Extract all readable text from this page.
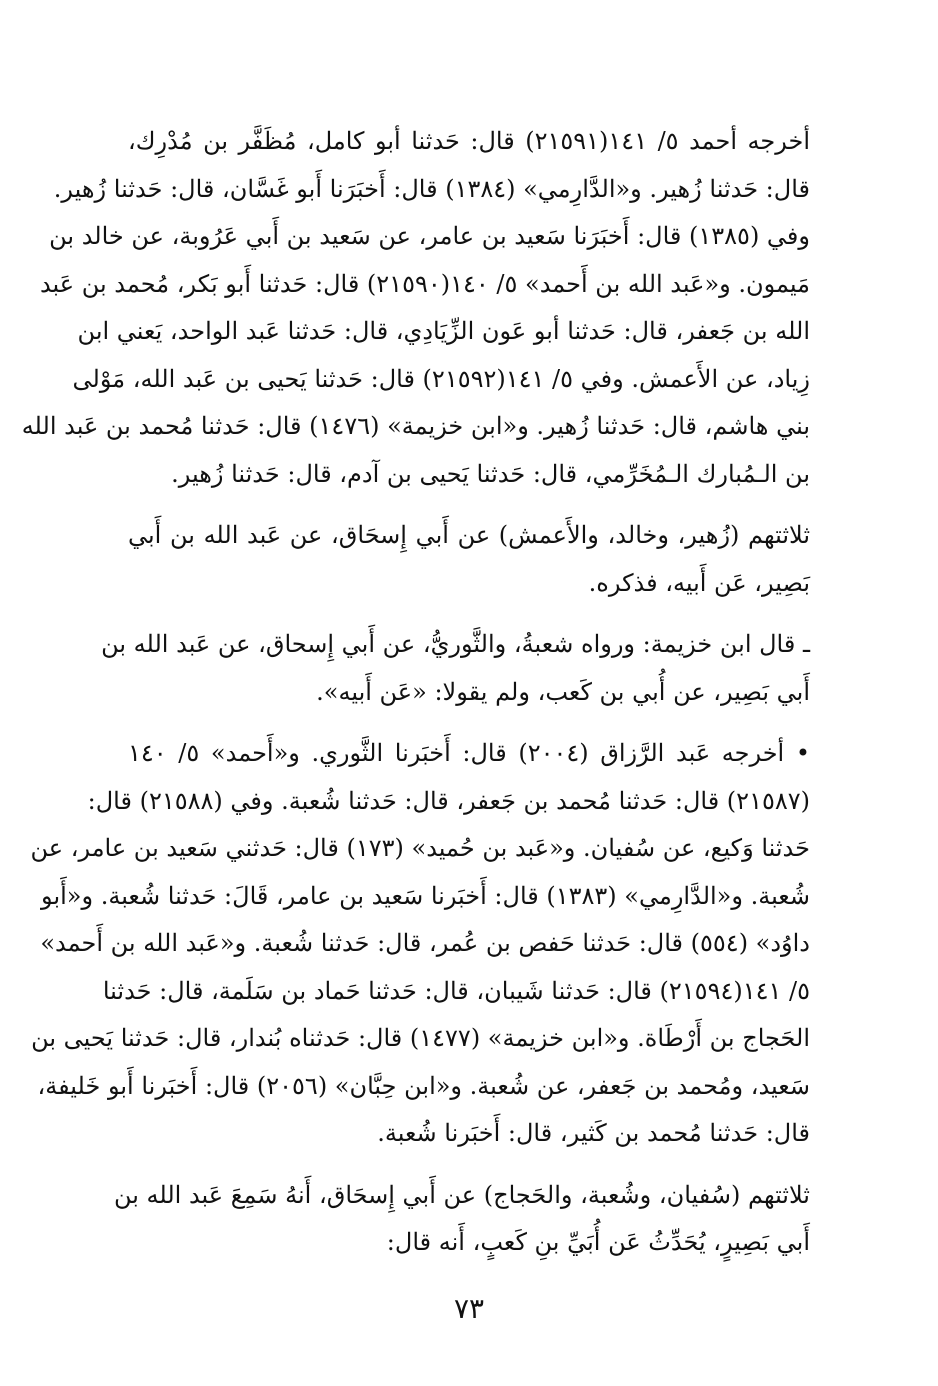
أخرجه أحمد ٥/ ١٤١(٢١٥٩١) قال: حَدثنا أبو كامل، مُظَفَّر بن مُدْرِك،
قال: حَدثنا زُهير. و«الدَّارِمي» (١٣٨٤) قال: أَخبَرَنا أَبو غَسَّان، قال: حَدثنا زُهير.
وفي (١٣٨٥) قال: أَخبَرَنا سَعيد بن عامر، عن سَعيد بن أَبي عَرُوبة، عن خالد بن
مَيمون. و«عَبد الله بن أَحمد» ٥/ ١٤٠(٢١٥٩٠) قال: حَدثنا أَبو بَكر، مُحمد بن عَبد
الله بن جَعفر، قال: حَدثنا أبو عَون الزِّيَادِي، قال: حَدثنا عَبد الواحد، يَعني ابن
زِياد، عن الأَعمش. وفي ٥/ ١٤١(٢١٥٩٢) قال: حَدثنا يَحيى بن عَبد الله، مَوْلى
بني هاشم، قال: حَدثنا زُهير. و«ابن خزيمة» (١٤٧٦) قال: حَدثنا مُحمد بن عَبد الله
بن الـمُبارك الـمُخَرِّمي، قال: حَدثنا يَحيى بن آدم، قال: حَدثنا زُهير.
ثلاثتهم (زُهير، وخالد، والأَعمش) عن أَبي إِسحَاق، عن عَبد الله بن أَبي
بَصِير، عَن أَبيه، فذكره.
ـ قال ابن خزيمة: ورواه شعبةُ، والثَّوريُّ، عن أَبي إِسحاق، عن عَبد الله بن
أَبي بَصِير، عن أُبي بن كَعب، ولم يقولا: «عَن أَبيه».
• أخرجه عَبد الرَّزاق (٢٠٠٤) قال: أَخبَرنا الثَّوري. و«أَحمد» ٥/ ١٤٠
(٢١٥٨٧) قال: حَدثنا مُحمد بن جَعفر، قال: حَدثنا شُعبة. وفي (٢١٥٨٨) قال:
حَدثنا وَكيع، عن سُفيان. و«عَبد بن حُميد» (١٧٣) قال: حَدثني سَعيد بن عامر، عن
شُعبة. و«الدَّارِمي» (١٣٨٣) قال: أَخبَرنا سَعيد بن عامر، قَالَ: حَدثنا شُعبة. و«أَبو
داوُد» (٥٥٤) قال: حَدثنا حَفص بن عُمر، قال: حَدثنا شُعبة. و«عَبد الله بن أَحمد»
٥/ ١٤١(٢١٥٩٤) قال: حَدثنا شَيبان، قال: حَدثنا حَماد بن سَلَمة، قال: حَدثنا
الحَجاج بن أَرْطَاة. و«ابن خزيمة» (١٤٧٧) قال: حَدثناه بُندار، قال: حَدثنا يَحيى بن
سَعيد، ومُحمد بن جَعفر، عن شُعبة. و«ابن حِبَّان» (٢٠٥٦) قال: أَخبَرنا أَبو خَليفة،
قال: حَدثنا مُحمد بن كَثير، قال: أَخبَرنا شُعبة.
ثلاثتهم (سُفيان، وشُعبة، والحَجاج) عن أَبي إِسحَاق، أَنهُ سَمِعَ عَبد الله بن
أَبي بَصِيرٍ، يُحَدِّثُ عَن أُبَيِّ بنِ كَعبٍ، أَنه قال:
٧٣
